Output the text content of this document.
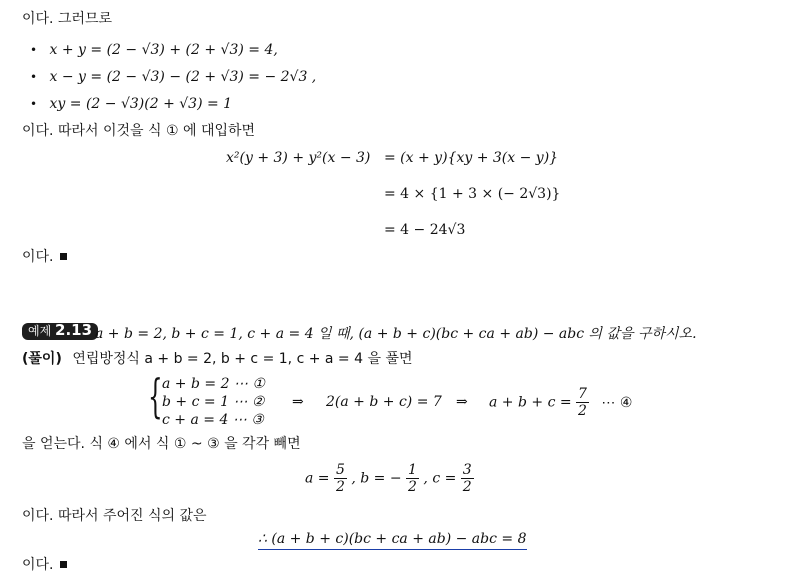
이다. 그러므로
• x + y = (2 − √3) + (2 + √3) = 4,
• x − y = (2 − √3) − (2 + √3) = − 2√3 ,
• xy = (2 − √3)(2 + √3) = 1
이다. 따라서 이것을 식 ① 에 대입하면
x²(y + 3) + y²(x − 3) = (x + y){xy + 3(x − y)}
= 4 × {1 + 3 × (− 2√3)}
= 4 − 24√3
이다.
예제 2.13 a + b = 2, b + c = 1, c + a = 4 일 때, (a + b + c)(bc + ca + ab) − abc 의 값을 구하시오.
(풀이) 연립방정식 a + b = 2, b + c = 1, c + a = 4 을 풀면
{ a + b = 2 ⋯ ①
b + c = 1 ⋯ ②
c + a = 4 ⋯ ③
⇒ 2(a + b + c) = 7 ⇒ $a + b + c = \frac{7}{2}$ ⋯ ④
을 얻는다. 식 ④ 에서 식 ① ~ ③ 을 각각 빼면
$a = \frac{5}{2}$ , b = − $\frac{1}{2}$ , $c = \frac{3}{2}$
이다. 따라서 주어진 식의 값은
∴ (a + b + c)(bc + ca + ab) − abc = 8
이다.
